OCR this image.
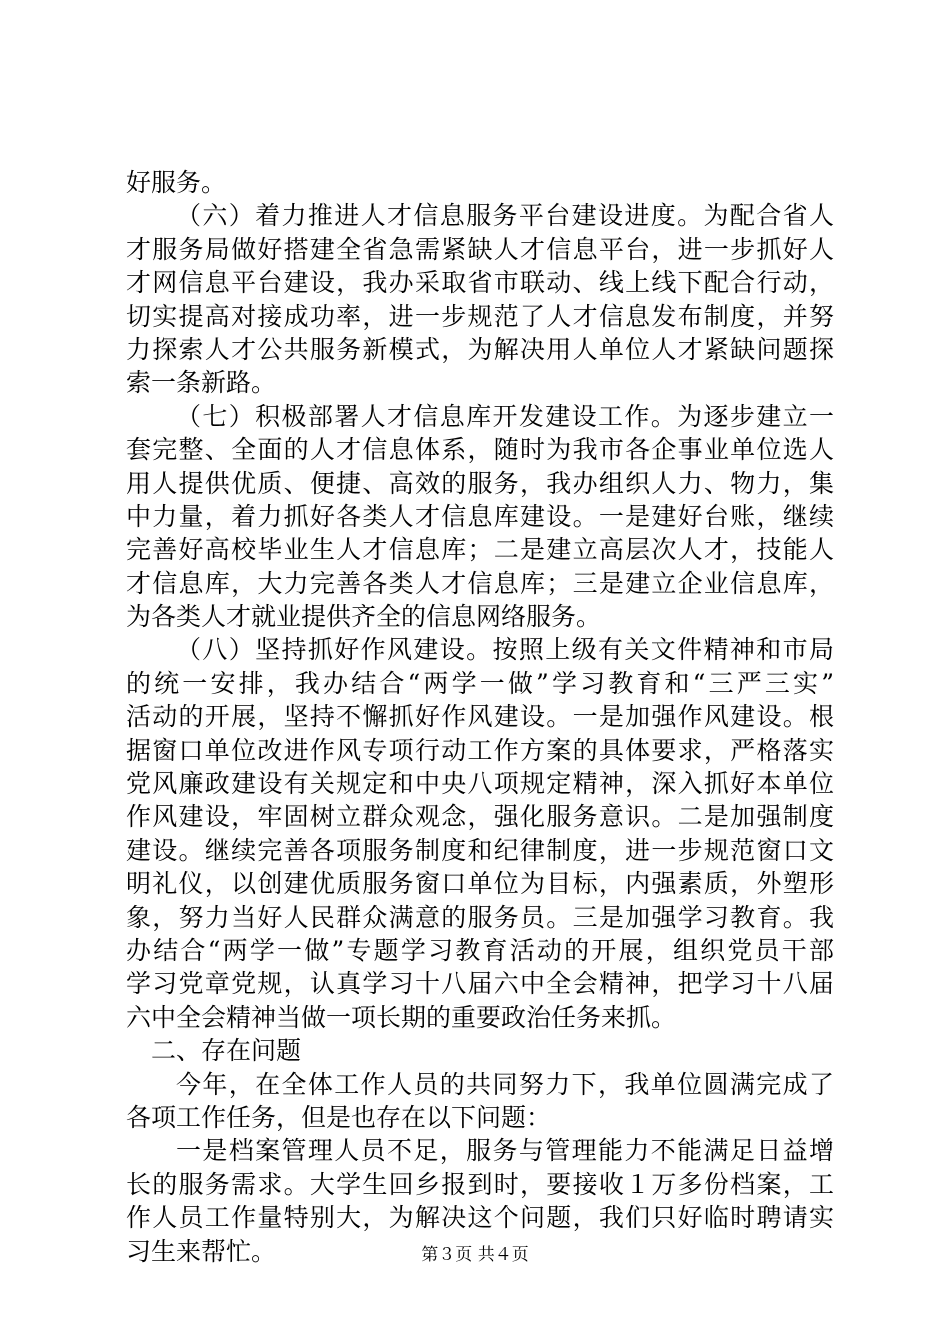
好服务。
（六）着力推进人才信息服务平台建设进度。为配合省人
才服务局做好搭建全省急需紧缺人才信息平台，进一步抓好人
才网信息平台建设，我办采取省市联动、线上线下配合行动，
切实提高对接成功率，进一步规范了人才信息发布制度，并努
力探索人才公共服务新模式，为解决用人单位人才紧缺问题探
索一条新路。
（七）积极部署人才信息库开发建设工作。为逐步建立一
套完整、全面的人才信息体系，随时为我市各企事业单位选人
用人提供优质、便捷、高效的服务，我办组织人力、物力，集
中力量，着力抓好各类人才信息库建设。一是建好台账，继续
完善好高校毕业生人才信息库；二是建立高层次人才，技能人
才信息库，大力完善各类人才信息库；三是建立企业信息库，
为各类人才就业提供齐全的信息网络服务。
（八）坚持抓好作风建设。按照上级有关文件精神和市局
的统一安排，我办结合“两学一做”学习教育和“三严三实”
活动的开展，坚持不懈抓好作风建设。一是加强作风建设。根
据窗口单位改进作风专项行动工作方案的具体要求，严格落实
党风廉政建设有关规定和中央八项规定精神，深入抓好本单位
作风建设，牢固树立群众观念，强化服务意识。二是加强制度
建设。继续完善各项服务制度和纪律制度，进一步规范窗口文
明礼仪，以创建优质服务窗口单位为目标，内强素质，外塑形
象，努力当好人民群众满意的服务员。三是加强学习教育。我
办结合“两学一做”专题学习教育活动的开展，组织党员干部
学习党章党规，认真学习十八届六中全会精神，把学习十八届
六中全会精神当做一项长期的重要政治任务来抓。
二、存在问题
今年，在全体工作人员的共同努力下，我单位圆满完成了
各项工作任务，但是也存在以下问题：
一是档案管理人员不足，服务与管理能力不能满足日益增
长的服务需求。大学生回乡报到时，要接收１万多份档案，工
作人员工作量特别大，为解决这个问题，我们只好临时聘请实
习生来帮忙。	第３页 共４页
